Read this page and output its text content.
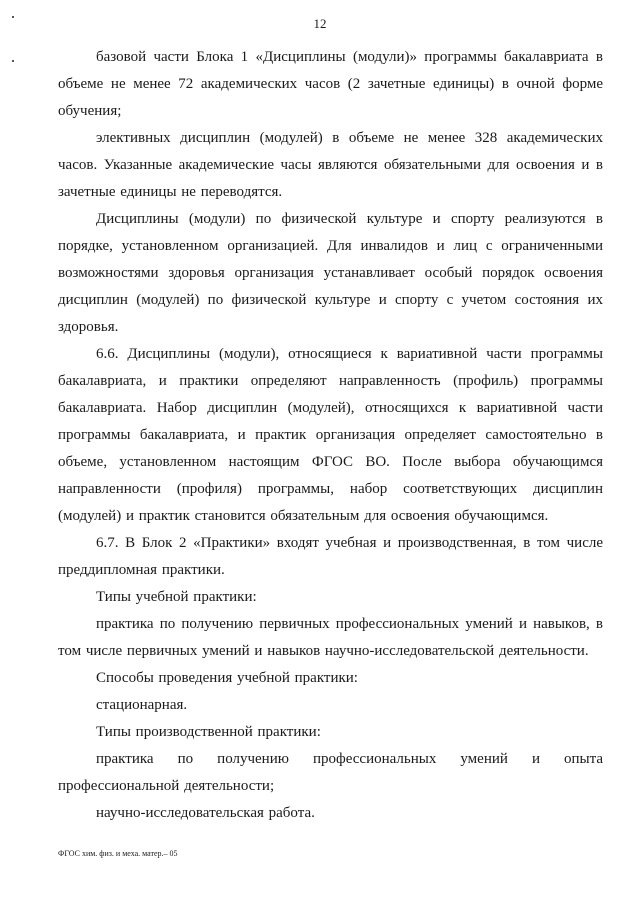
12

базовой части Блока 1 «Дисциплины (модули)» программы бакалавриата в объеме не менее 72 академических часов (2 зачетные единицы) в очной форме обучения;

элективных дисциплин (модулей) в объеме не менее 328 академических часов. Указанные академические часы являются обязательными для освоения и в зачетные единицы не переводятся.

Дисциплины (модули) по физической культуре и спорту реализуются в порядке, установленном организацией. Для инвалидов и лиц с ограниченными возможностями здоровья организация устанавливает особый порядок освоения дисциплин (модулей) по физической культуре и спорту с учетом состояния их здоровья.

6.6. Дисциплины (модули), относящиеся к вариативной части программы бакалавриата, и практики определяют направленность (профиль) программы бакалавриата. Набор дисциплин (модулей), относящихся к вариативной части программы бакалавриата, и практик организация определяет самостоятельно в объеме, установленном настоящим ФГОС ВО. После выбора обучающимся направленности (профиля) программы, набор соответствующих дисциплин (модулей) и практик становится обязательным для освоения обучающимся.

6.7. В Блок 2 «Практики» входят учебная и производственная, в том числе преддипломная практики.

Типы учебной практики:

практика по получению первичных профессиональных умений и навыков, в том числе первичных умений и навыков научно-исследовательской деятельности.

Способы проведения учебной практики:

стационарная.

Типы производственной практики:

практика по получению профессиональных умений и опыта профессиональной деятельности;

научно-исследовательская работа.

ФГОС хим. физ. и меха. матер.– 05
